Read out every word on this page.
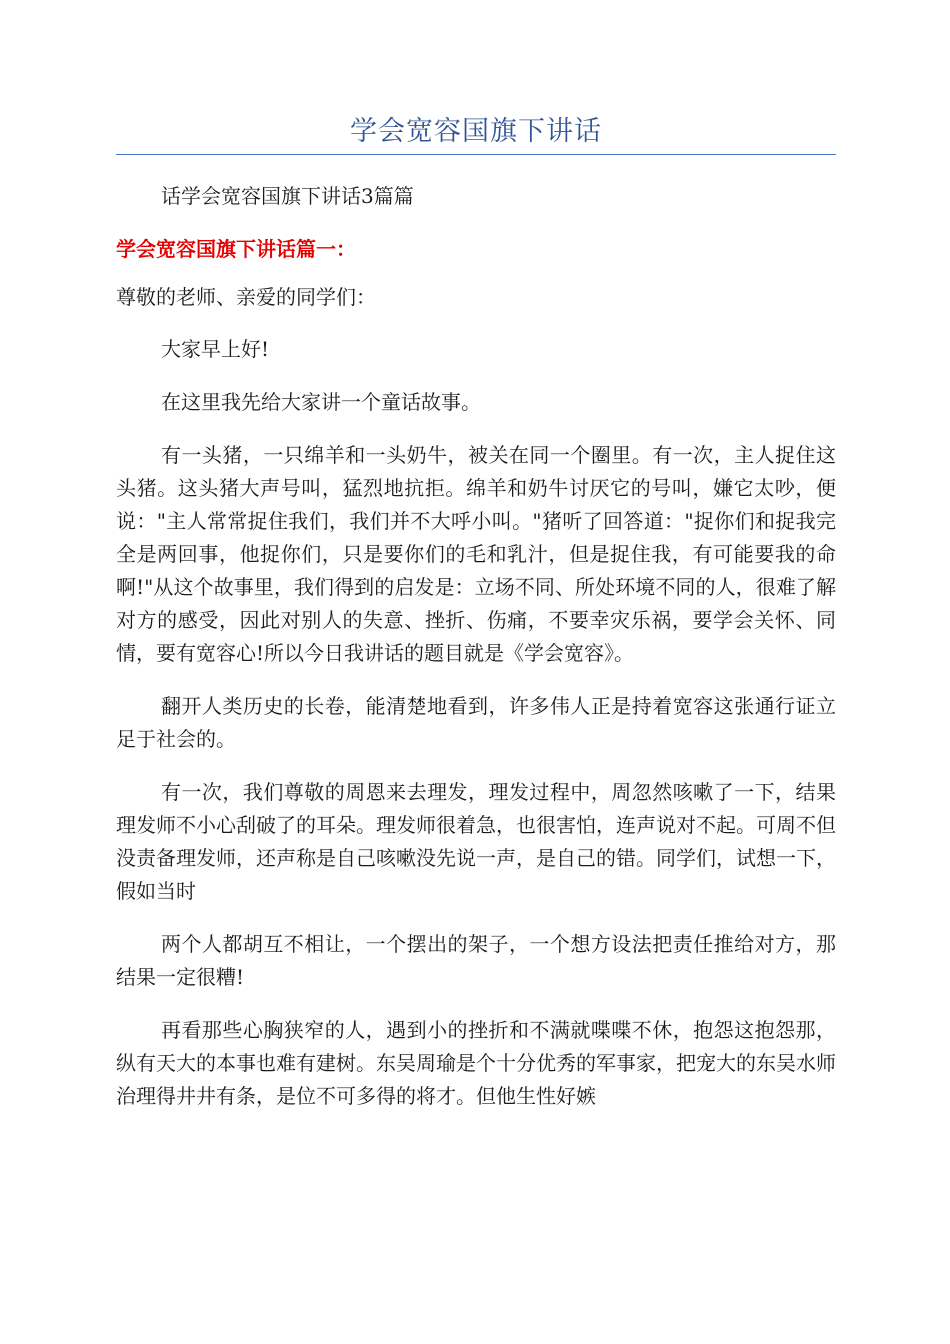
学会宽容国旗下讲话
话学会宽容国旗下讲话3篇篇
学会宽容国旗下讲话篇一：
尊敬的老师、亲爱的同学们：

大家早上好!

在这里我先给大家讲一个童话故事。

有一头猪，一只绵羊和一头奶牛，被关在同一个圈里。有一次，主人捉住这头猪。这头猪大声号叫，猛烈地抗拒。绵羊和奶牛讨厌它的号叫，嫌它太吵，便说："主人常常捉住我们，我们并不大呼小叫。"猪听了回答道："捉你们和捉我完全是两回事，他捉你们，只是要你们的毛和乳汁，但是捉住我，有可能要我的命啊!"从这个故事里，我们得到的启发是：立场不同、所处环境不同的人，很难了解对方的感受，因此对别人的失意、挫折、伤痛，不要幸灾乐祸，要学会关怀、同情，要有宽容心!所以今日我讲话的题目就是《学会宽容》。

翻开人类历史的长卷，能清楚地看到，许多伟人正是持着宽容这张通行证立足于社会的。

有一次，我们尊敬的周恩来去理发，理发过程中，周忽然咳嗽了一下，结果理发师不小心刮破了的耳朵。理发师很着急，也很害怕，连声说对不起。可周不但没责备理发师，还声称是自己咳嗽没先说一声，是自己的错。同学们，试想一下，假如当时

两个人都胡互不相让，一个摆出的架子，一个想方设法把责任推给对方，那结果一定很糟!

再看那些心胸狭窄的人，遇到小的挫折和不满就喋喋不休，抱怨这抱怨那，纵有天大的本事也难有建树。东吴周瑜是个十分优秀的军事家，把宠大的东吴水师治理得井井有条，是位不可多得的将才。但他生性好嫉
